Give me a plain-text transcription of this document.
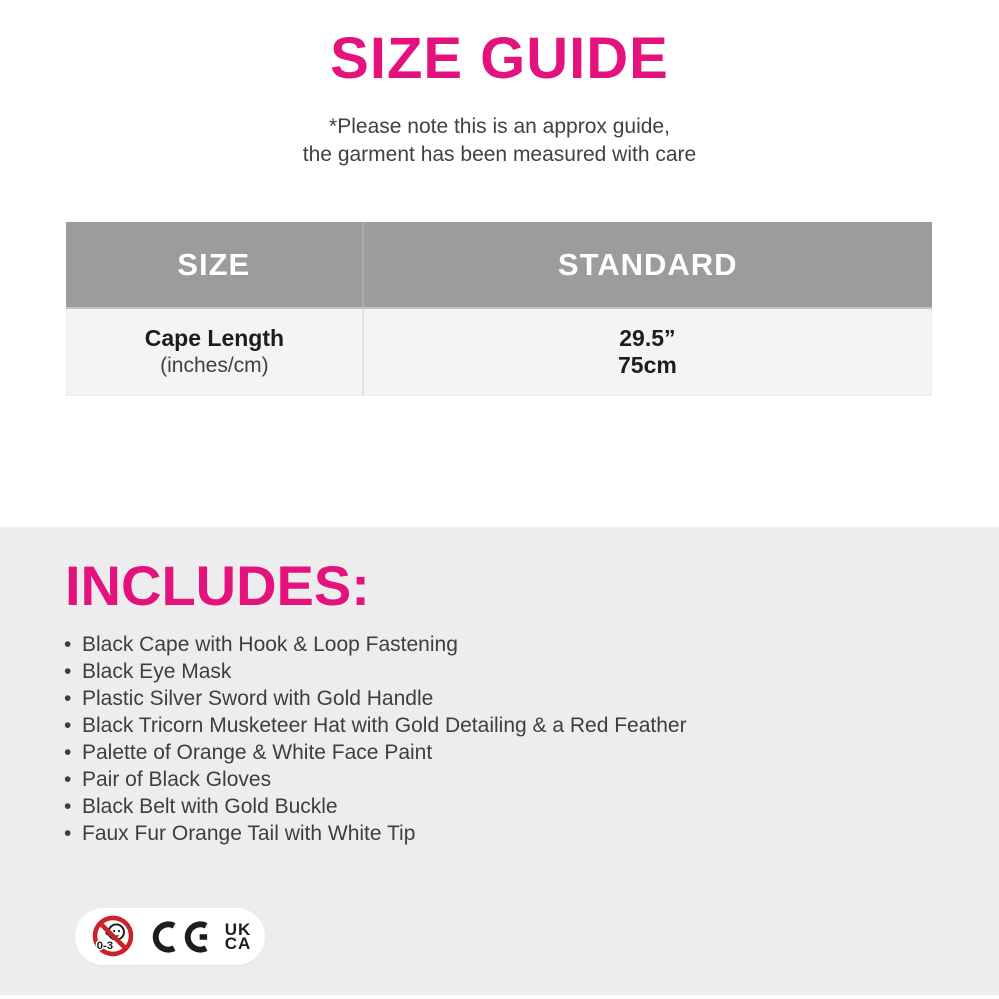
SIZE GUIDE
*Please note this is an approx guide,
the garment has been measured with care
SIZE	STANDARD
Cape Length
(inches/cm)
29.5”
75cm
INCLUDES:
• Black Cape with Hook & Loop Fastening
• Black Eye Mask
• Plastic Silver Sword with Gold Handle
• Black Tricorn Musketeer Hat with Gold Detailing & a Red Feather
• Palette of Orange & White Face Paint
• Pair of Black Gloves
• Black Belt with Gold Buckle
• Faux Fur Orange Tail with White Tip
0-3
UK
CA
